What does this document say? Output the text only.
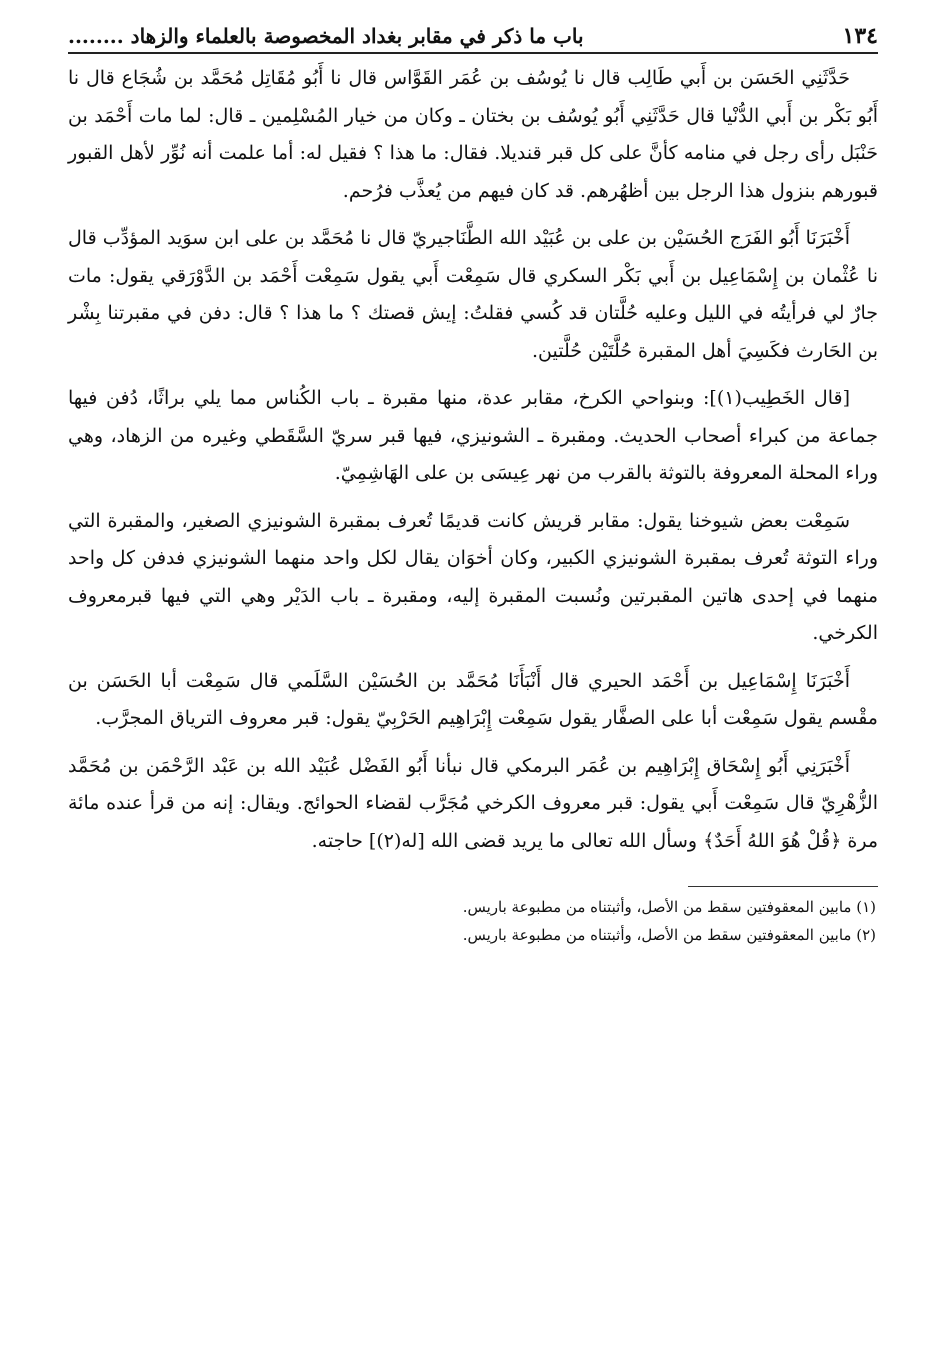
١٣٤
باب ما ذكر في مقابر بغداد المخصوصة بالعلماء والزهاد ........

حَدَّثَنِي الحَسَن بن أَبي طَالِب قال نا يُوسُف بن عُمَر القَوَّاس قال نا أَبُو مُقَاتِل مُحَمَّد بن شُجَاع قال نا أَبُو بَكْر بن أَبي الدُّنْيا قال حَدَّثَنِي أَبُو يُوسُف بن بختان ـ وكان من خيار المُسْلِمين ـ قال: لما مات أَحْمَد بن حَنْبَل رأى رجل في منامه كأنَّ على كل قبر قنديلا. فقال: ما هذا ؟ فقيل له: أما علمت أنه نُوِّر لأهل القبور قبورهم بنزول هذا الرجل بين أظهُرهم. قد كان فيهم من يُعذَّب فرُحم.

أَخْبَرَنَا أَبُو الفَرَج الحُسَيْن بن على بن عُبَيْد الله الطَّنَاجيريّ قال نا مُحَمَّد بن على ابن سوَيد المؤدِّب قال نا عُثْمان بن إِسْمَاعِيل بن أَبي بَكْر السكري قال سَمِعْت أَبي يقول سَمِعْت أَحْمَد بن الدَّوْرَقي يقول: مات جارٌ لي فرأيتُه في الليل وعليه حُلَّتان قد كُسي فقلتُ: إيش قصتك ؟ ما هذا ؟ قال: دفن في مقبرتنا بِشْر بن الحَارث فكَسِيَ أهل المقبرة حُلَّتَيْن حُلَّتين.

[قال الخَطِيب(١)]: وبنواحي الكرخ، مقابر عدة، منها مقبرة ـ باب الكُناس مما يلي براثًا، دُفن فيها جماعة من كبراء أصحاب الحديث. ومقبرة ـ الشونيزي، فيها قبر سريّ السَّقَطي وغيره من الزهاد، وهي وراء المحلة المعروفة بالتوثة بالقرب من نهر عِيسَى بن على الهَاشِمِيّ.

سَمِعْت بعض شيوخنا يقول: مقابر قريش كانت قديمًا تُعرف بمقبرة الشونيزي الصغير، والمقبرة التي وراء التوثة تُعرف بمقبرة الشونيزي الكبير، وكان أخوَان يقال لكل واحد منهما الشونيزي فدفن كل واحد منهما في إحدى هاتين المقبرتين ونُسبت المقبرة إليه، ومقبرة ـ باب الدَيْر وهي التي فيها قبرمعروف الكرخي.

أَخْبَرَنَا إِسْمَاعِيل بن أَحْمَد الحيري قال أَنْبَأَنَا مُحَمَّد بن الحُسَيْن السَّلَمي قال سَمِعْت أبا الحَسَن بن مقْسم يقول سَمِعْت أبا على الصفَّار يقول سَمِعْت إِبْرَاهِيم الحَرْبِيّ يقول: قبر معروف الترياق المجرَّب.

أَخْبَرَنِي أَبُو إِسْحَاق إِبْرَاهِيم بن عُمَر البرمكي قال نبأنا أَبُو الفَضْل عُبَيْد الله بن عَبْد الرَّحْمَن بن مُحَمَّد الزُّهْرِيّ قال سَمِعْت أَبي يقول: قبر معروف الكرخي مُجَرَّب لقضاء الحوائج. ويقال: إنه من قرأ عنده مائة مرة ﴿قُلْ هُوَ اللهُ أَحَدٌ﴾ وسأل الله تعالى ما يريد قضى الله [له(٢)] حاجته.

(١) مابين المعقوفتين سقط من الأصل، وأثبتناه من مطبوعة باريس.

(٢) مابين المعقوفتين سقط من الأصل، وأثبتناه من مطبوعة باريس.
